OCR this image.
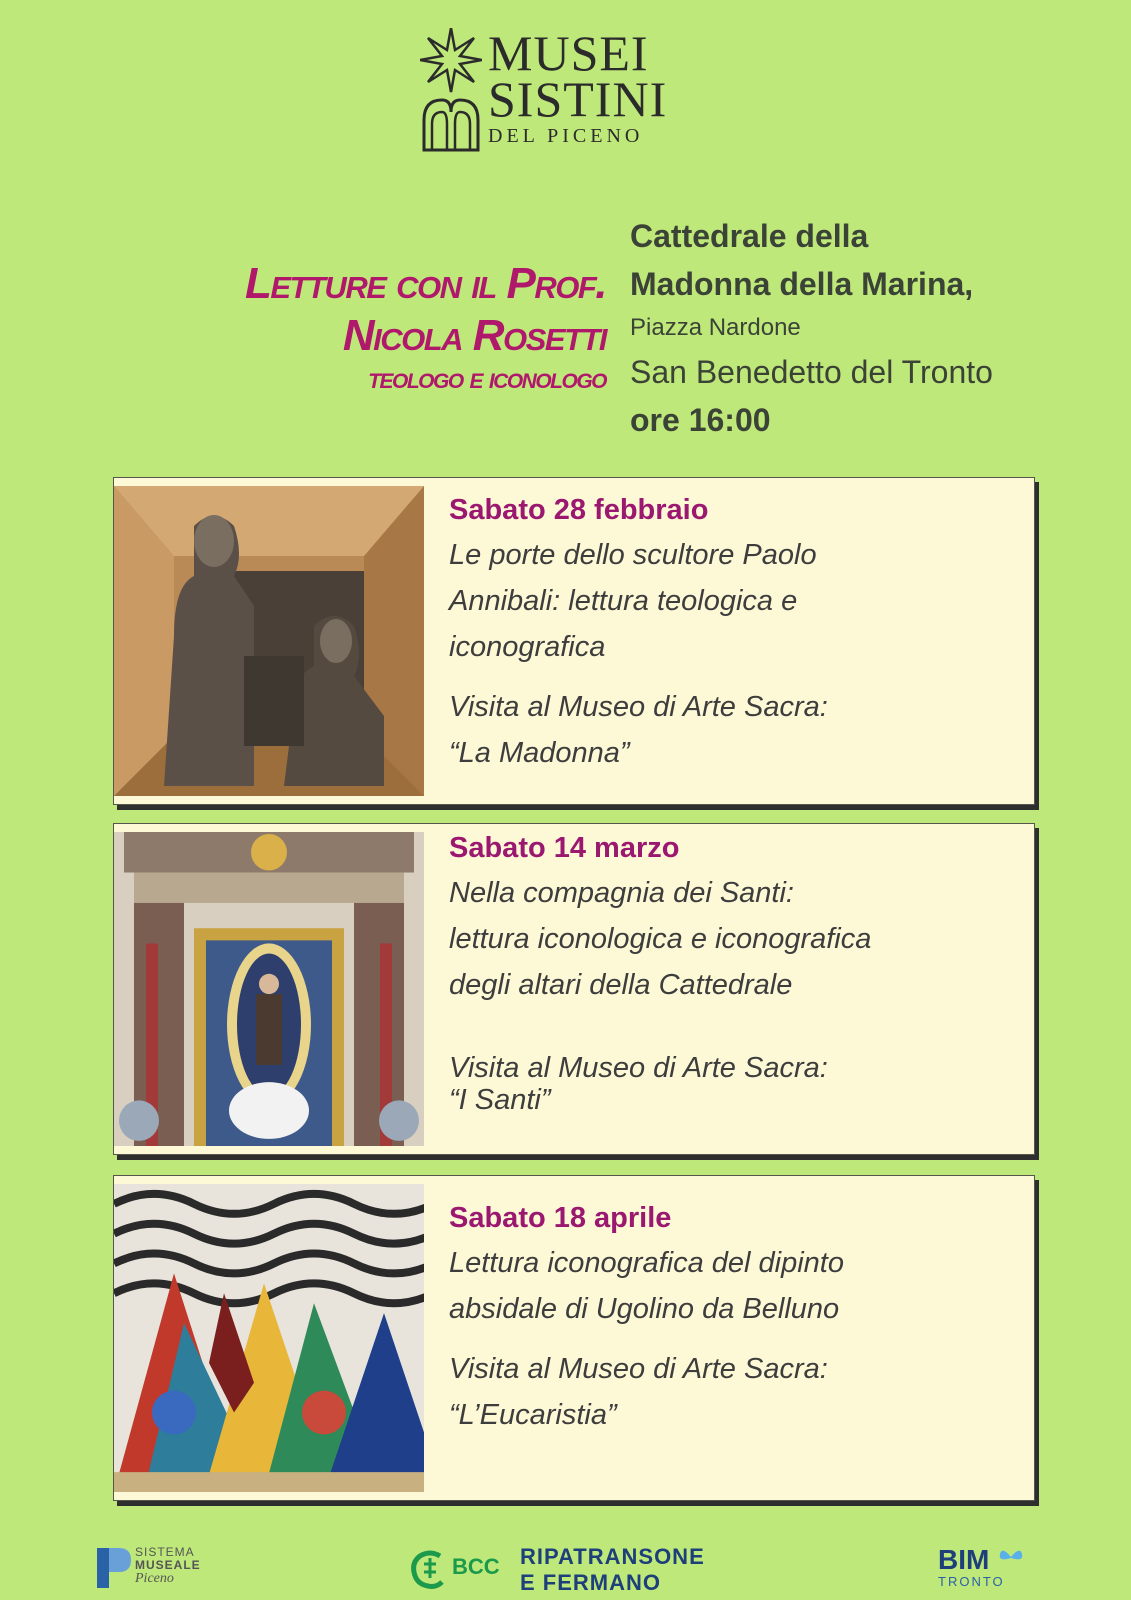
MUSEI
SISTINI
DEL PICENO
Letture con il Prof.
Nicola Rosetti
teologo e iconologo
Cattedrale della
Madonna della Marina,
Piazza Nardone
San Benedetto del Tronto
ore 16:00
Sabato 28 febbraio
Le porte dello scultore Paolo
Annibali: lettura teologica e
iconografica
Visita al Museo di Arte Sacra:
“La Madonna”
Sabato 14 marzo
Nella compagnia dei Santi:
lettura iconologica e iconografica
degli altari della Cattedrale
Visita al Museo di Arte Sacra:
“I Santi”
Sabato 18 aprile
Lettura iconografica del dipinto
absidale di Ugolino da Belluno
Visita al Museo di Arte Sacra:
“L’Eucaristia”
SISTEMA
MUSEALE
Piceno	BCC RIPATRANSONE
E FERMANO
BIM
TRONTO
